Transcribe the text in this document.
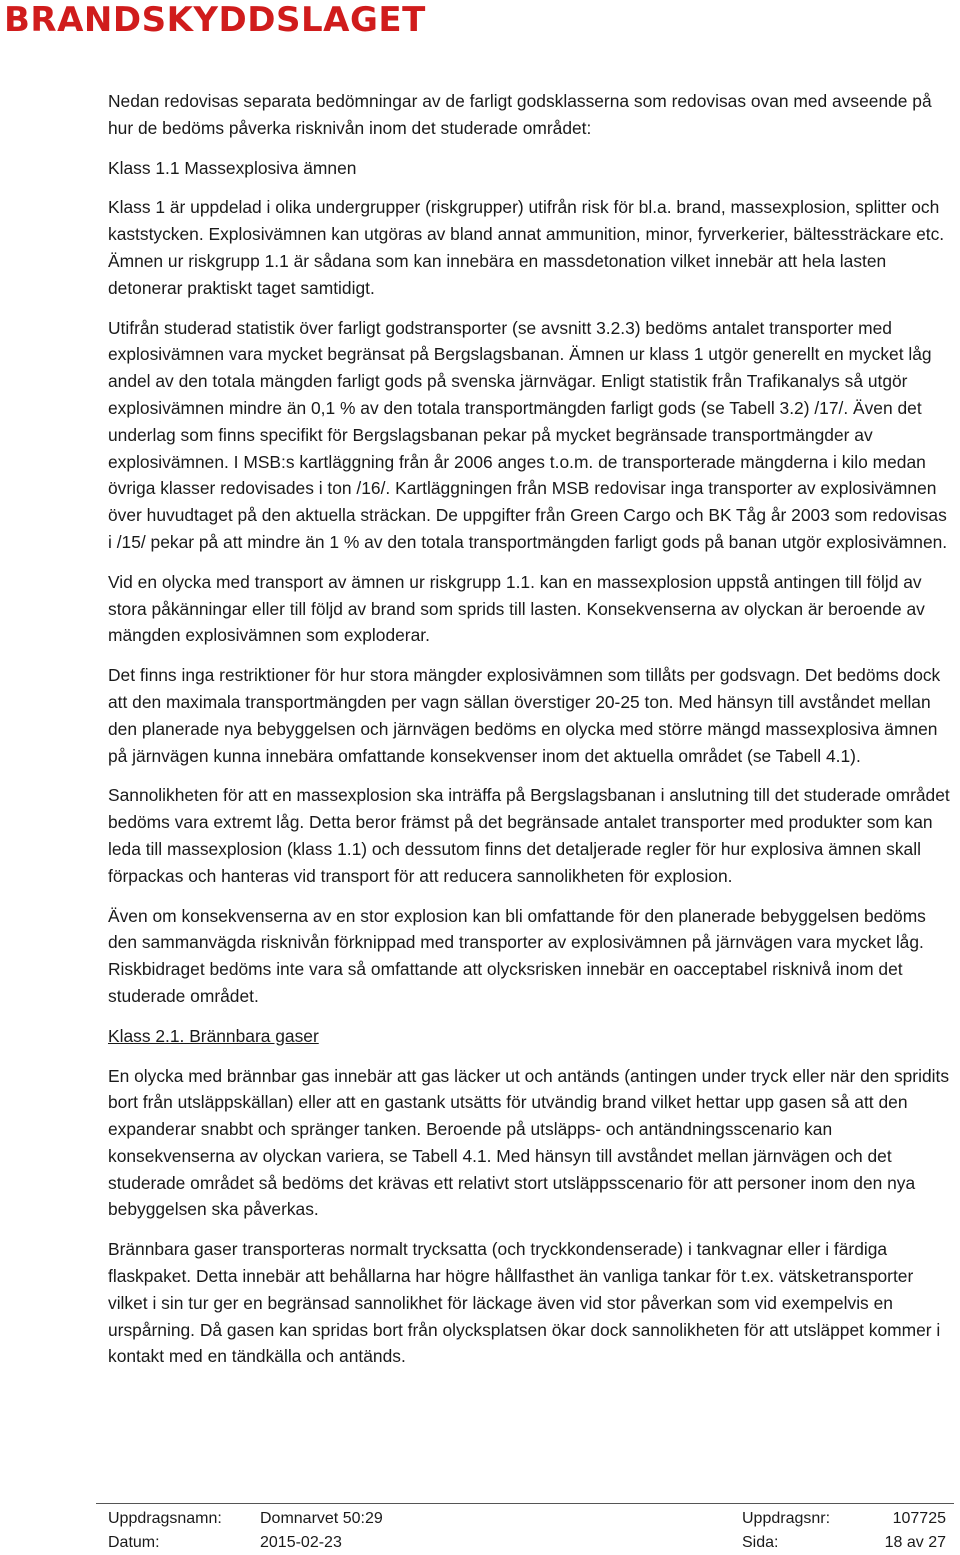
BRANDSKYDDSLAGET

Nedan redovisas separata bedömningar av de farligt godsklasserna som redovisas ovan med avseende på hur de bedöms påverka risknivån inom det studerade området:

Klass 1.1 Massexplosiva ämnen

Klass 1 är uppdelad i olika undergrupper (riskgrupper) utifrån risk för bl.a. brand, massexplosion, splitter och kaststycken. Explosivämnen kan utgöras av bland annat ammunition, minor, fyrverkerier, bältessträckare etc. Ämnen ur riskgrupp 1.1 är sådana som kan innebära en massdetonation vilket innebär att hela lasten detonerar praktiskt taget samtidigt.

Utifrån studerad statistik över farligt godstransporter (se avsnitt 3.2.3) bedöms antalet transporter med explosivämnen vara mycket begränsat på Bergslagsbanan. Ämnen ur klass 1 utgör generellt en mycket låg andel av den totala mängden farligt gods på svenska järnvägar. Enligt statistik från Trafikanalys så utgör explosivämnen mindre än 0,1 % av den totala transportmängden farligt gods (se Tabell 3.2) /17/. Även det underlag som finns specifikt för Bergslagsbanan pekar på mycket begränsade transportmängder av explosivämnen. I MSB:s kartläggning från år 2006 anges t.o.m. de transporterade mängderna i kilo medan övriga klasser redovisades i ton /16/. Kartläggningen från MSB redovisar inga transporter av explosivämnen över huvudtaget på den aktuella sträckan. De uppgifter från Green Cargo och BK Tåg år 2003 som redovisas i /15/ pekar på att mindre än 1 % av den totala transportmängden farligt gods på banan utgör explosivämnen.

Vid en olycka med transport av ämnen ur riskgrupp 1.1. kan en massexplosion uppstå antingen till följd av stora påkänningar eller till följd av brand som sprids till lasten. Konsekvenserna av olyckan är beroende av mängden explosivämnen som exploderar.

Det finns inga restriktioner för hur stora mängder explosivämnen som tillåts per godsvagn. Det bedöms dock att den maximala transportmängden per vagn sällan överstiger 20-25 ton. Med hänsyn till avståndet mellan den planerade nya bebyggelsen och järnvägen bedöms en olycka med större mängd massexplosiva ämnen på järnvägen kunna innebära omfattande konsekvenser inom det aktuella området (se Tabell 4.1).

Sannolikheten för att en massexplosion ska inträffa på Bergslagsbanan i anslutning till det studerade området bedöms vara extremt låg. Detta beror främst på det begränsade antalet transporter med produkter som kan leda till massexplosion (klass 1.1) och dessutom finns det detaljerade regler för hur explosiva ämnen skall förpackas och hanteras vid transport för att reducera sannolikheten för explosion.

Även om konsekvenserna av en stor explosion kan bli omfattande för den planerade bebyggelsen bedöms den sammanvägda risknivån förknippad med transporter av explosivämnen på järnvägen vara mycket låg. Riskbidraget bedöms inte vara så omfattande att olycksrisken innebär en oacceptabel risknivå inom det studerade området.

Klass 2.1. Brännbara gaser

En olycka med brännbar gas innebär att gas läcker ut och antänds (antingen under tryck eller när den spridits bort från utsläppskällan) eller att en gastank utsätts för utvändig brand vilket hettar upp gasen så att den expanderar snabbt och spränger tanken. Beroende på utsläpps- och antändningsscenario kan konsekvenserna av olyckan variera, se Tabell 4.1. Med hänsyn till avståndet mellan järnvägen och det studerade området så bedöms det krävas ett relativt stort utsläppsscenario för att personer inom den nya bebyggelsen ska påverkas.

Brännbara gaser transporteras normalt trycksatta (och tryckkondenserade) i tankvagnar eller i färdiga flaskpaket. Detta innebär att behållarna har högre hållfasthet än vanliga tankar för t.ex. vätsketransporter vilket i sin tur ger en begränsad sannolikhet för läckage även vid stor påverkan som vid exempelvis en urspårning. Då gasen kan spridas bort från olycksplatsen ökar dock sannolikheten för att utsläppet kommer i kontakt med en tändkälla och antänds.

Uppdragsnamn: Domnarvet 50:29	Uppdragsnr:	107725
Datum:	2015-02-23	Sida:	18 av 27
